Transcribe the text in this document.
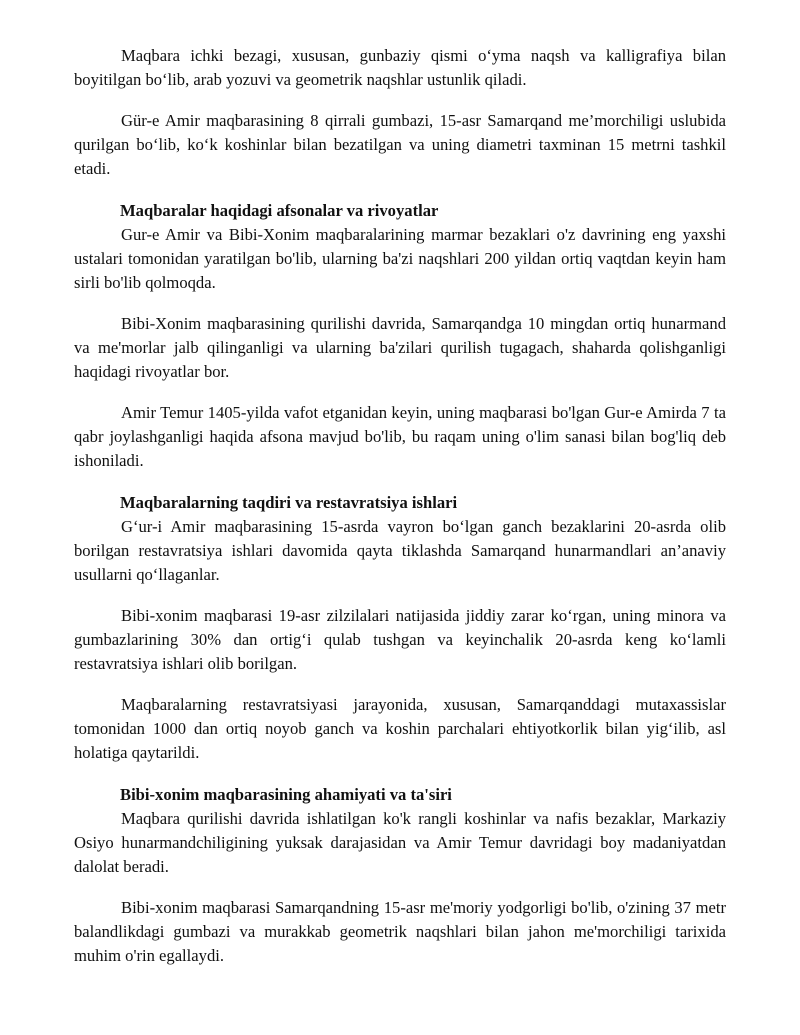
Maqbara ichki bezagi, xususan, gunbaziy qismi o‘yma naqsh va kalligrafiya bilan boyitilgan bo‘lib, arab yozuvi va geometrik naqshlar ustunlik qiladi.

Gür-e Amir maqbarasining 8 qirrali gumbazi, 15-asr Samarqand me’morchiligi uslubida qurilgan bo‘lib, ko‘k koshinlar bilan bezatilgan va uning diametri taxminan 15 metrni tashkil etadi.

Maqbaralar haqidagi afsonalar va rivoyatlar

Gur-e Amir va Bibi-Xonim maqbaralarining marmar bezaklari o'z davrining eng yaxshi ustalari tomonidan yaratilgan bo'lib, ularning ba'zi naqshlari 200 yildan ortiq vaqtdan keyin ham sirli bo'lib qolmoqda.

Bibi-Xonim maqbarasining qurilishi davrida, Samarqandga 10 mingdan ortiq hunarmand va me'morlar jalb qilinganligi va ularning ba'zilari qurilish tugagach, shaharda qolishganligi haqidagi rivoyatlar bor.

Amir Temur 1405-yilda vafot etganidan keyin, uning maqbarasi bo'lgan Gur-e Amirda 7 ta qabr joylashganligi haqida afsona mavjud bo'lib, bu raqam uning o'lim sanasi bilan bog'liq deb ishoniladi.

Maqbaralarning taqdiri va restavratsiya ishlari

G‘ur-i Amir maqbarasining 15-asrda vayron bo‘lgan ganch bezaklarini 20-asrda olib borilgan restavratsiya ishlari davomida qayta tiklashda Samarqand hunarmandlari an’anaviy usullarni qo‘llaganlar.

Bibi-xonim maqbarasi 19-asr zilzilalari natijasida jiddiy zarar ko‘rgan, uning minora va gumbazlarining 30% dan ortig‘i qulab tushgan va keyinchalik 20-asrda keng ko‘lamli restavratsiya ishlari olib borilgan.

Maqbaralarning restavratsiyasi jarayonida, xususan, Samarqanddagi mutaxassislar tomonidan 1000 dan ortiq noyob ganch va koshin parchalari ehtiyotkorlik bilan yig‘ilib, asl holatiga qaytarildi.

Bibi-xonim maqbarasining ahamiyati va ta'siri

Maqbara qurilishi davrida ishlatilgan ko'k rangli koshinlar va nafis bezaklar, Markaziy Osiyo hunarmandchiligining yuksak darajasidan va Amir Temur davridagi boy madaniyatdan dalolat beradi.

Bibi-xonim maqbarasi Samarqandning 15-asr me'moriy yodgorligi bo'lib, o'zining 37 metr balandlikdagi gumbazi va murakkab geometrik naqshlari bilan jahon me'morchiligi tarixida muhim o'rin egallaydi.
